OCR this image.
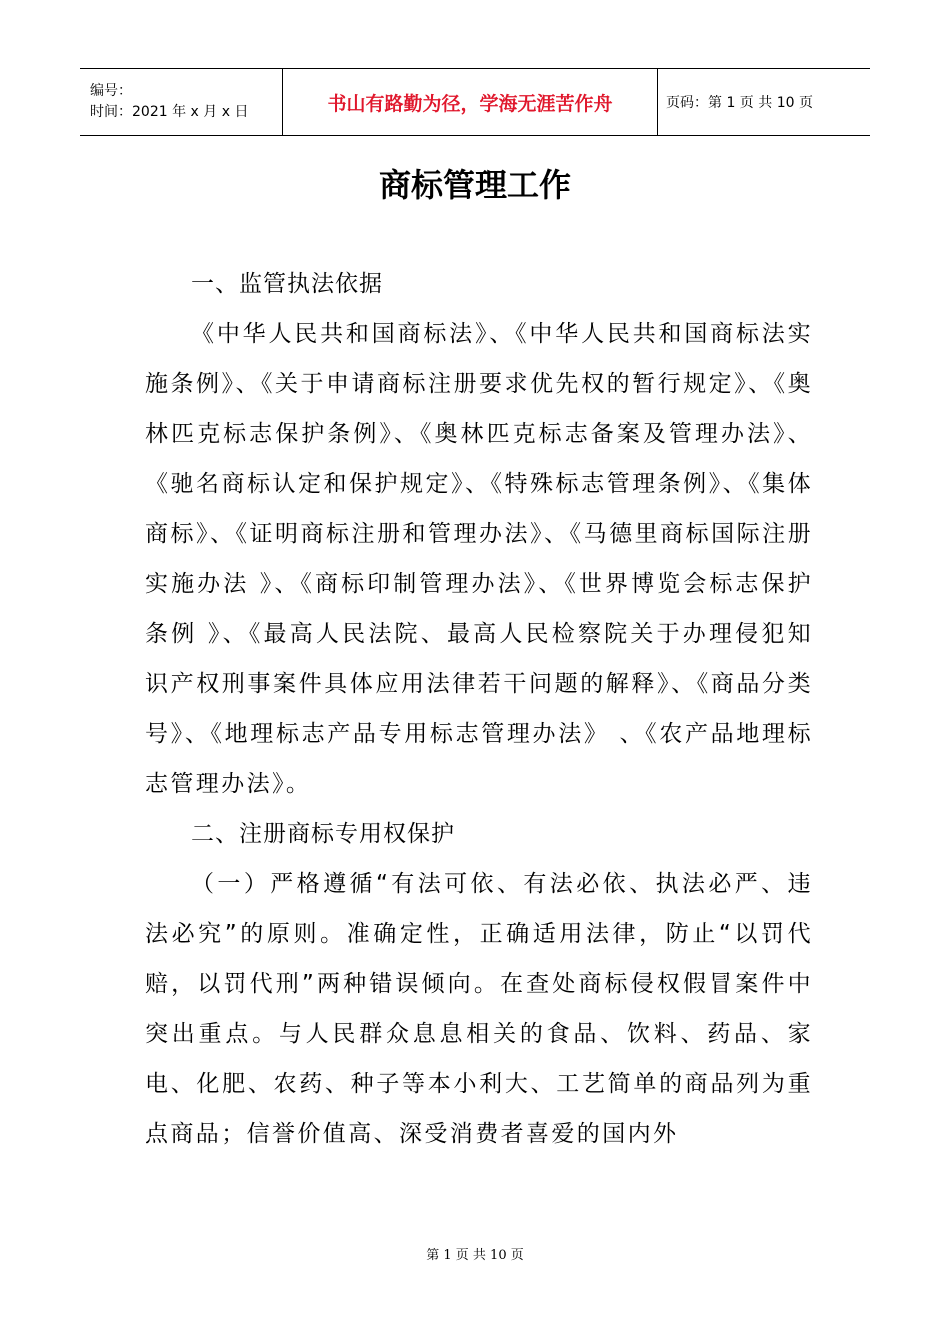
编号：
时间：2021 年 x 月 x 日	书山有路勤为径，学海无涯苦作舟	页码：第 1 页 共 10 页
商标管理工作

一、监管执法依据

《中华人民共和国商标法》、《中华人民共和国商标法实施条例》、《关于申请商标注册要求优先权的暂行规定》、《奥林匹克标志保护条例》、《奥林匹克标志备案及管理办法》、《驰名商标认定和保护规定》、《特殊标志管理条例》、《集体商标》、《证明商标注册和管理办法》、《马德里商标国际注册实施办法 》、《商标印制管理办法》、《世界博览会标志保护条例 》、《最高人民法院、最高人民检察院关于办理侵犯知识产权刑事案件具体应用法律若干问题的解释》、《商品分类号》、《地理标志产品专用标志管理办法》 、《农产品地理标志管理办法》。

二、注册商标专用权保护

（一）严格遵循“有法可依、有法必依、执法必严、违法必究”的原则。准确定性，正确适用法律，防止“以罚代赔，以罚代刑”两种错误倾向。在查处商标侵权假冒案件中突出重点。与人民群众息息相关的食品、饮料、药品、家电、化肥、农药、种子等本小利大、工艺简单的商品列为重点商品；信誉价值高、深受消费者喜爱的国内外

第 1 页 共 10 页
